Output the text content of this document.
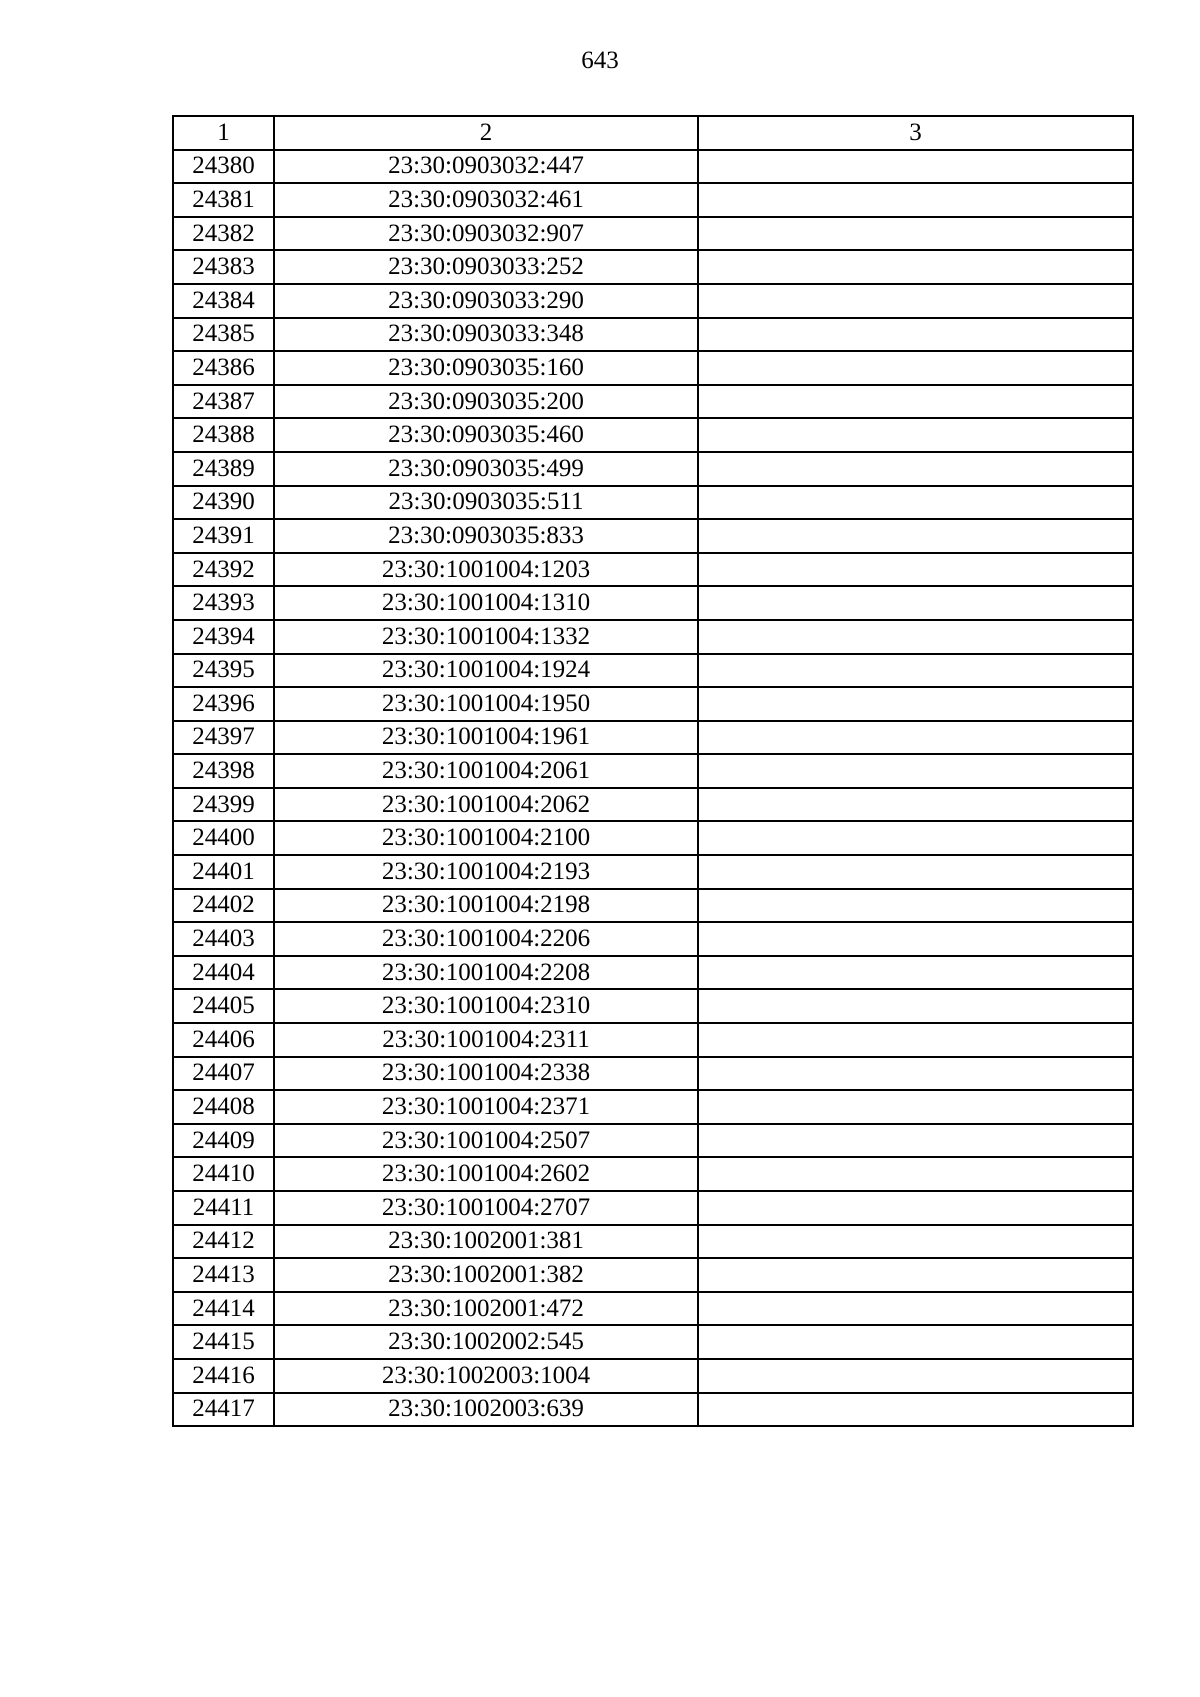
643
1	2	3
24380	23:30:0903032:447	
24381	23:30:0903032:461	
24382	23:30:0903032:907	
24383	23:30:0903033:252	
24384	23:30:0903033:290	
24385	23:30:0903033:348	
24386	23:30:0903035:160	
24387	23:30:0903035:200	
24388	23:30:0903035:460	
24389	23:30:0903035:499	
24390	23:30:0903035:511	
24391	23:30:0903035:833	
24392	23:30:1001004:1203	
24393	23:30:1001004:1310	
24394	23:30:1001004:1332	
24395	23:30:1001004:1924	
24396	23:30:1001004:1950	
24397	23:30:1001004:1961	
24398	23:30:1001004:2061	
24399	23:30:1001004:2062	
24400	23:30:1001004:2100	
24401	23:30:1001004:2193	
24402	23:30:1001004:2198	
24403	23:30:1001004:2206	
24404	23:30:1001004:2208	
24405	23:30:1001004:2310	
24406	23:30:1001004:2311	
24407	23:30:1001004:2338	
24408	23:30:1001004:2371	
24409	23:30:1001004:2507	
24410	23:30:1001004:2602	
24411	23:30:1001004:2707	
24412	23:30:1002001:381	
24413	23:30:1002001:382	
24414	23:30:1002001:472	
24415	23:30:1002002:545	
24416	23:30:1002003:1004	
24417	23:30:1002003:639	
